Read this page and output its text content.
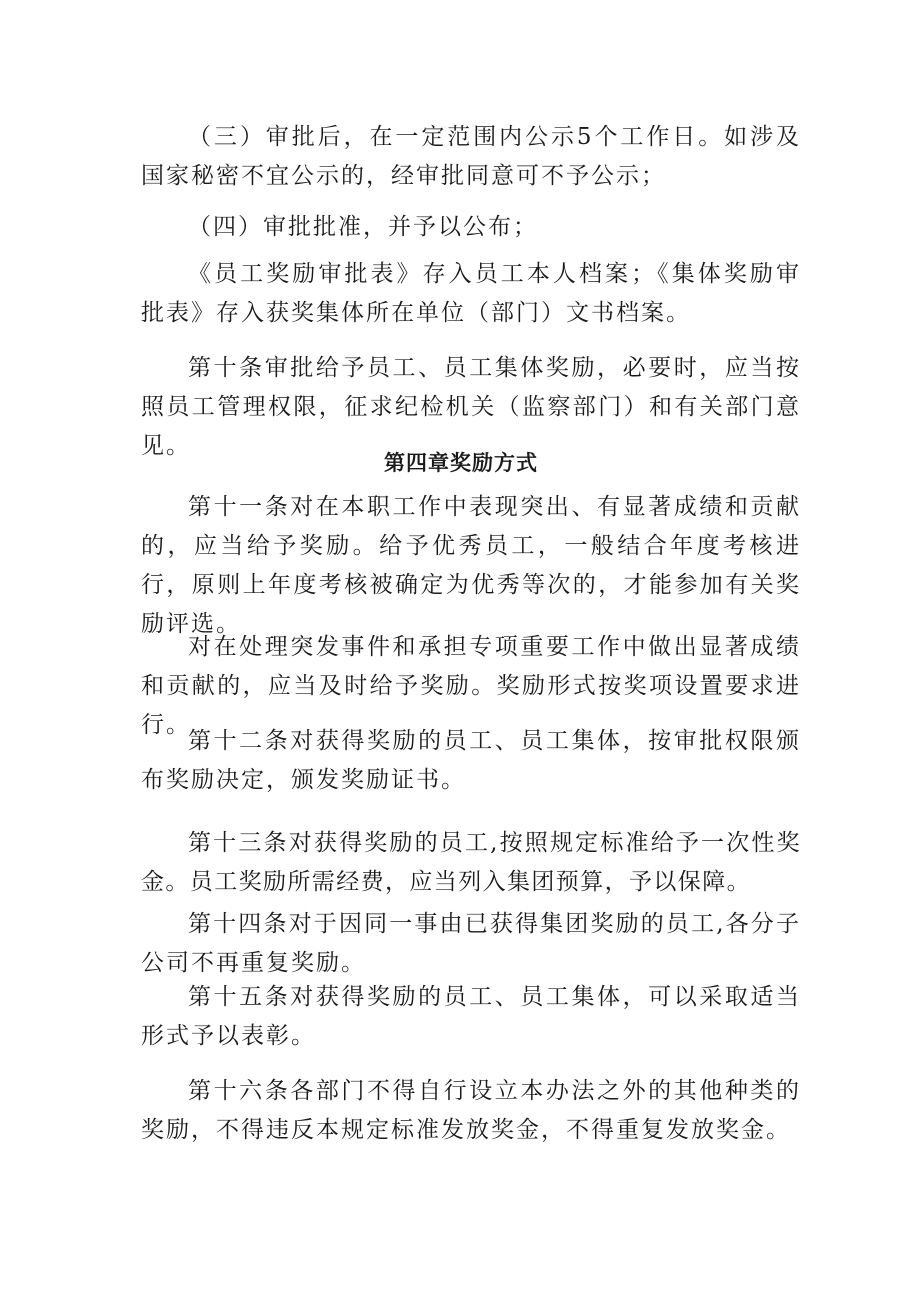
（三）审批后，在一定范围内公示5个工作日。如涉及国家秘密不宜公示的，经审批同意可不予公示；

（四）审批批准，并予以公布；

《员工奖励审批表》存入员工本人档案；《集体奖励审批表》存入获奖集体所在单位（部门）文书档案。

第十条审批给予员工、员工集体奖励，必要时，应当按照员工管理权限，征求纪检机关（监察部门）和有关部门意见。

第四章奖励方式

第十一条对在本职工作中表现突出、有显著成绩和贡献的，应当给予奖励。给予优秀员工，一般结合年度考核进行，原则上年度考核被确定为优秀等次的，才能参加有关奖励评选。

对在处理突发事件和承担专项重要工作中做出显著成绩和贡献的，应当及时给予奖励。奖励形式按奖项设置要求进行。

第十二条对获得奖励的员工、员工集体，按审批权限颁布奖励决定，颁发奖励证书。

第十三条对获得奖励的员工,按照规定标准给予一次性奖金。员工奖励所需经费，应当列入集团预算，予以保障。

第十四条对于因同一事由已获得集团奖励的员工,各分子公司不再重复奖励。

第十五条对获得奖励的员工、员工集体，可以采取适当形式予以表彰。

第十六条各部门不得自行设立本办法之外的其他种类的奖励，不得违反本规定标准发放奖金，不得重复发放奖金。
